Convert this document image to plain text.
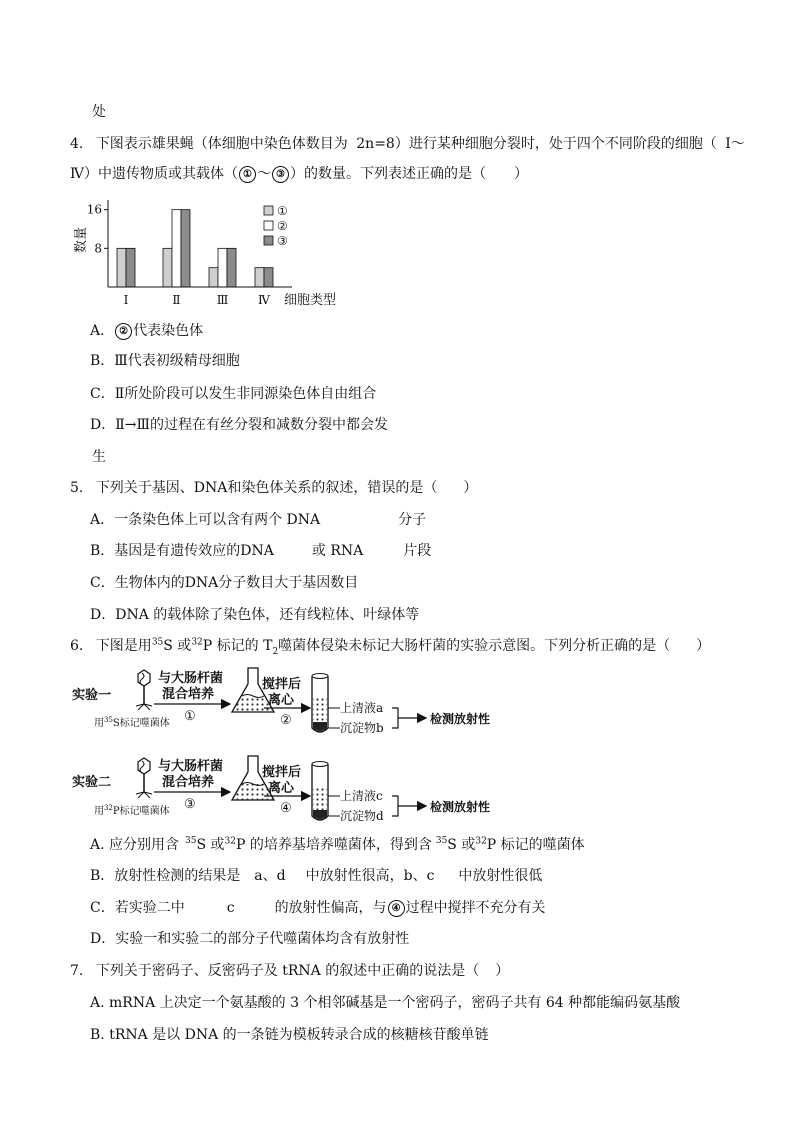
处
4. 下图表示雄果蝇（体细胞中染色体数目为 2n=8）进行某种细胞分裂时，处于四个不同阶段的细胞（ Ⅰ～
Ⅳ）中遗传物质或其载体（ ① ～ ③ ）的数量。下列表述正确的是（ ）
数量
细胞类型
8
16
Ⅰ	Ⅱ	Ⅲ Ⅳ
①
②
③
A． ② 代表染色体
B．Ⅲ代表初级精母细胞
C．Ⅱ所处阶段可以发生非同源染色体自由组合
D．Ⅱ→Ⅲ的过程在有丝分裂和减数分裂中都会发
生
5. 下列关于基因、DNA和染色体关系的叙述，错误的是（ ）
A．一条染色体上可以含有两个 DNA	分子
B．基因是有遗传效应的DNA	或 RNA	片段
C．生物体内的DNA分子数目大于基因数目
D．DNA 的载体除了染色体，还有线粒体、叶绿体等
6. 下图是用$^{35}$S 或$^{32}$P 标记的 $T_2$噬菌体侵染未标记大肠杆菌的实验示意图。下列分析正确的是（ ）
实验一
用$^{35}$S标记噬菌体
与大肠杆菌
混合培养
①
搅拌后
离心
②
上清液a
沉淀物b
检测放射性
实验二
用$^{32}$P标记噬菌体
与大肠杆菌
混合培养
③
搅拌后
离心
④
上清液c
沉淀物d
检测放射性
A. 应分别用含 $^{35}$S 或$^{32}$P 的培养基培养噬菌体，得到含 $^{35}$S 或$^{32}$P 标记的噬菌体
B．放射性检测的结果是 a、d 中放射性很高，b、c 中放射性很低
C．若实验二中	c	的放射性偏高，与 ④ 过程中搅拌不充分有关
D．实验一和实验二的部分子代噬菌体均含有放射性
7. 下列关于密码子、反密码子及 tRNA 的叙述中正确的说法是（ ）
A. mRNA 上决定一个氨基酸的 3 个相邻碱基是一个密码子，密码子共有 64 种都能编码氨基酸
B. tRNA 是以 DNA 的一条链为模板转录合成的核糖核苷酸单链
